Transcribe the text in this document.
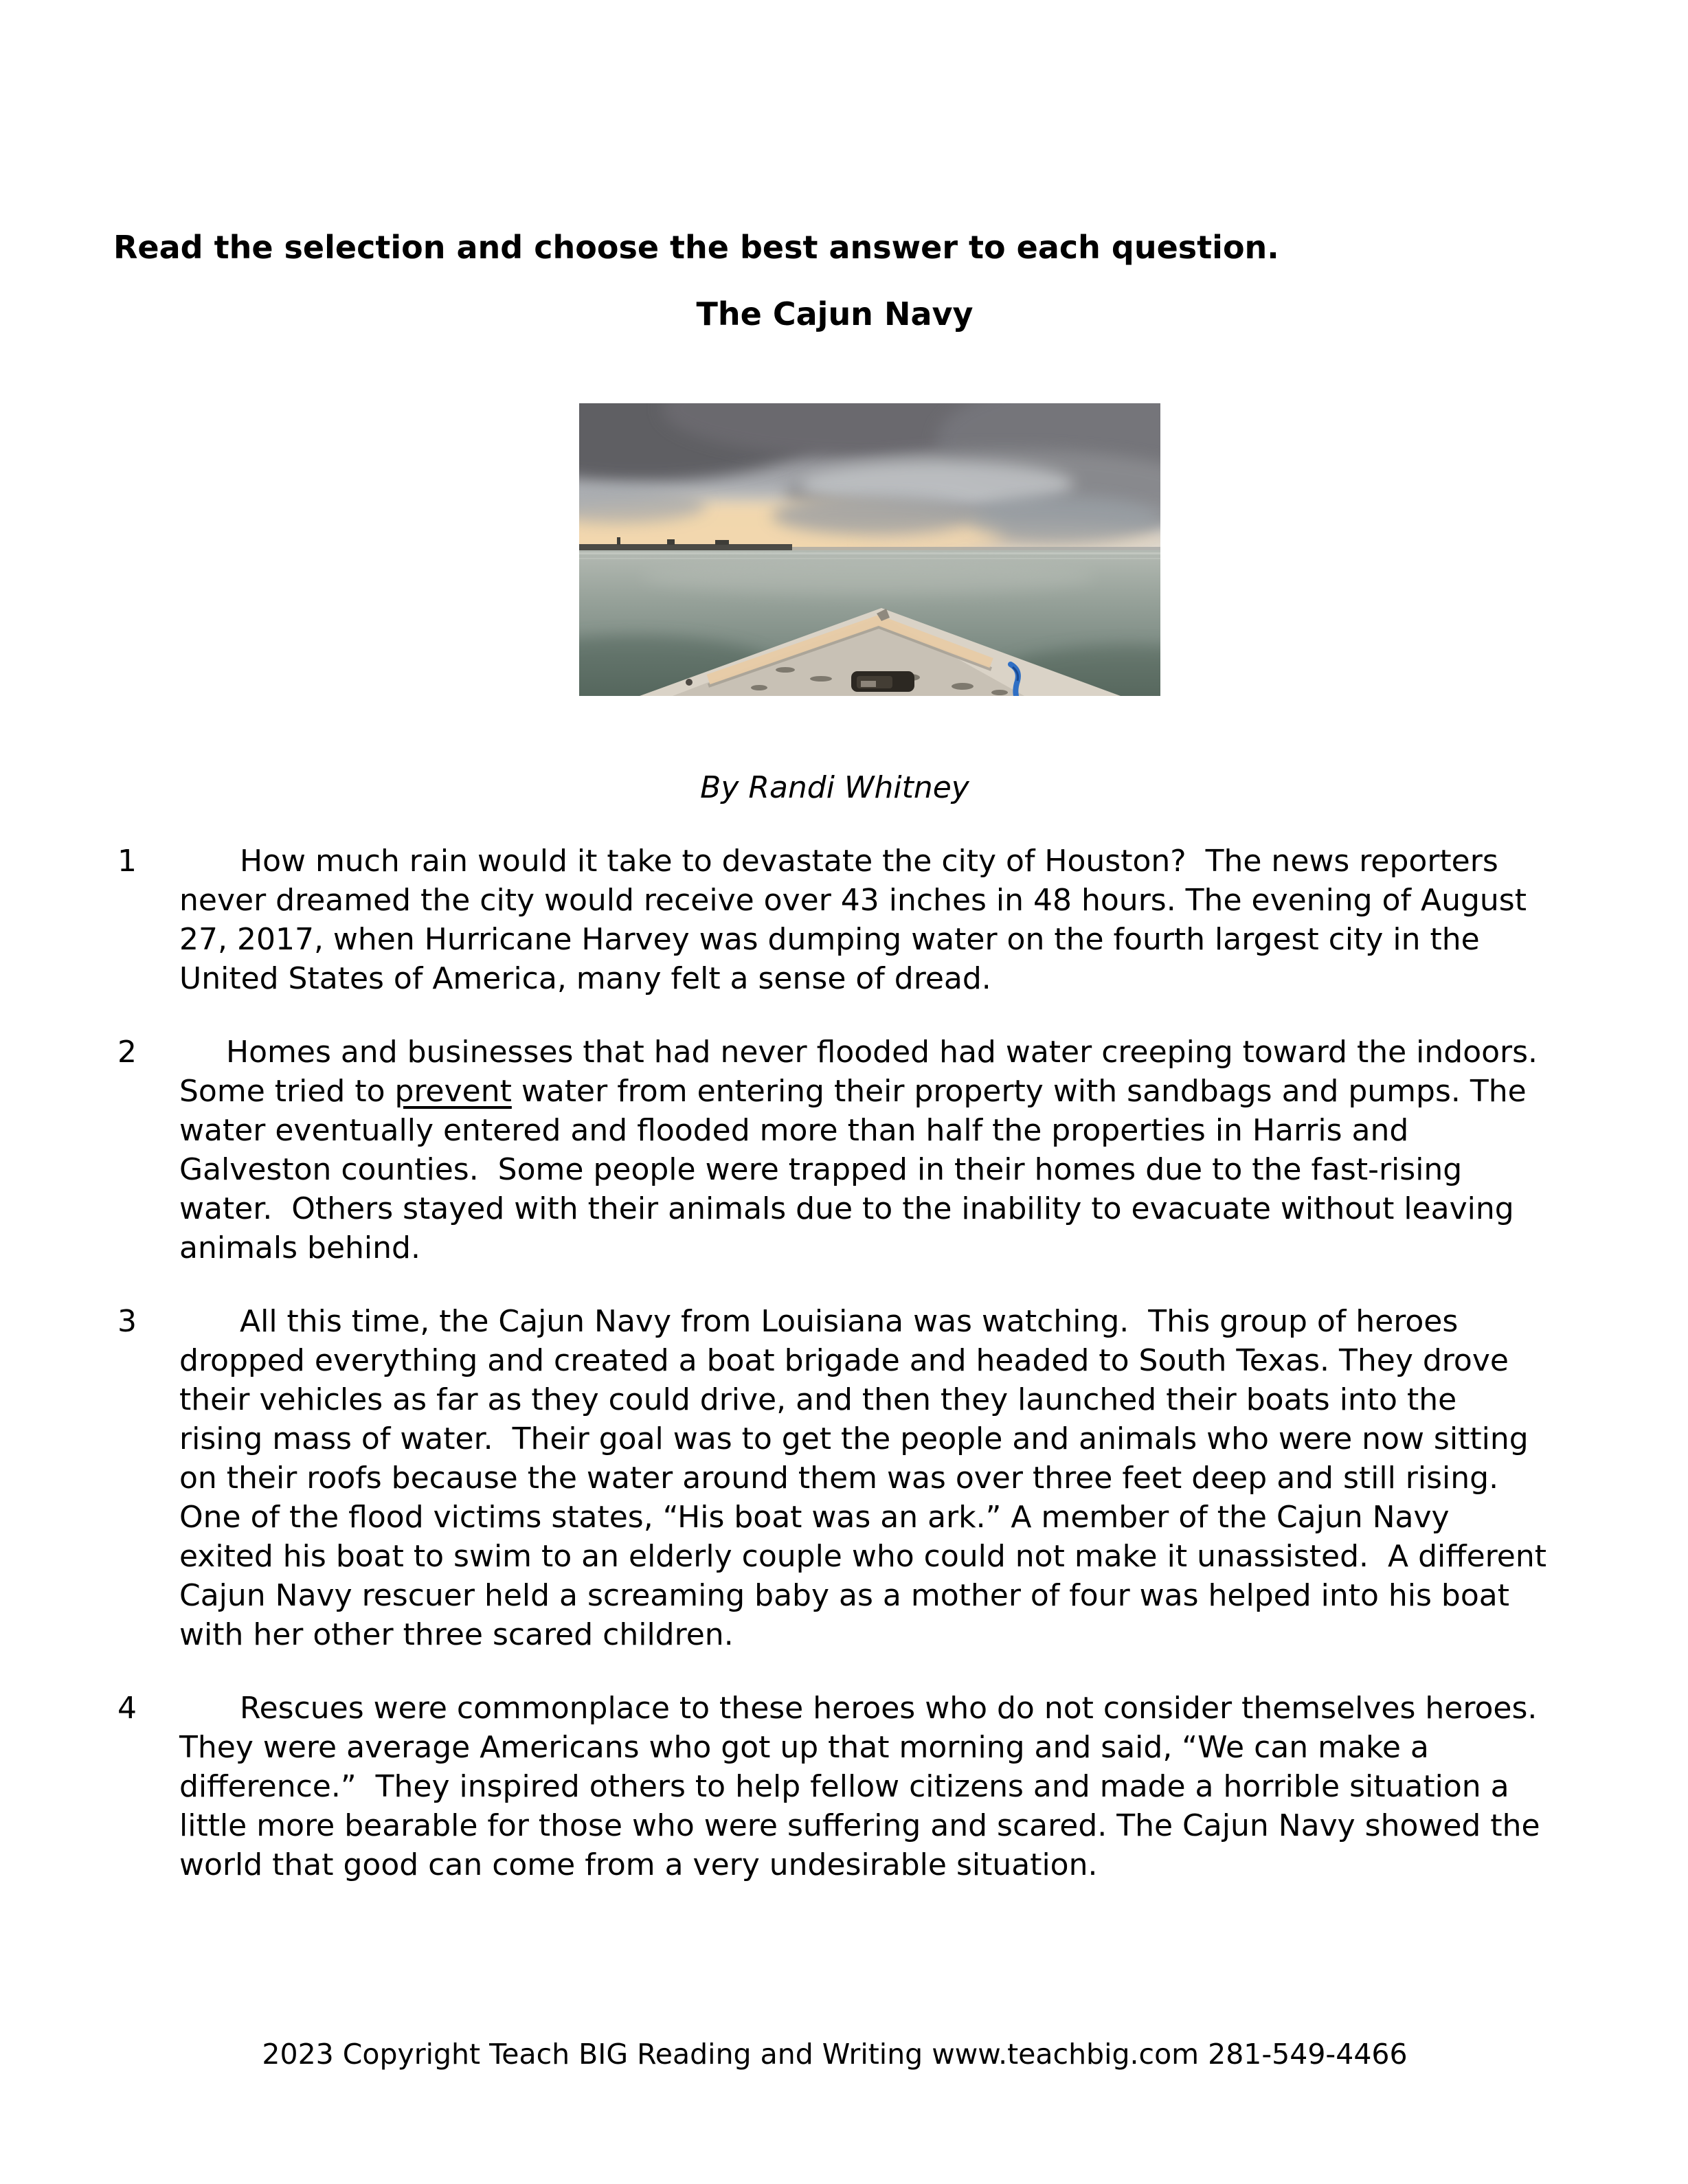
Read the selection and choose the best answer to each question.

The Cajun Navy

By Randi Whitney

1	How much rain would it take to devastate the city of Houston?  The news reporters never dreamed the city would receive over 43 inches in 48 hours. The evening of August 27, 2017, when Hurricane Harvey was dumping water on the fourth largest city in the United States of America, many felt a sense of dread.
2	Homes and businesses that had never flooded had water creeping toward the indoors.  Some tried to prevent water from entering their property with sandbags and pumps. The water eventually entered and flooded more than half the properties in Harris and Galveston counties.  Some people were trapped in their homes due to the fast-rising water.  Others stayed with their animals due to the inability to evacuate without leaving animals behind.
3	All this time, the Cajun Navy from Louisiana was watching.  This group of heroes dropped everything and created a boat brigade and headed to South Texas. They drove their vehicles as far as they could drive, and then they launched their boats into the rising mass of water.  Their goal was to get the people and animals who were now sitting on their roofs because the water around them was over three feet deep and still rising.  One of the flood victims states, “His boat was an ark.” A member of the Cajun Navy exited his boat to swim to an elderly couple who could not make it unassisted.  A different Cajun Navy rescuer held a screaming baby as a mother of four was helped into his boat with her other three scared children.
4	Rescues were commonplace to these heroes who do not consider themselves heroes.  They were average Americans who got up that morning and said, “We can make a difference.”  They inspired others to help fellow citizens and made a horrible situation a little more bearable for those who were suffering and scared. The Cajun Navy showed the world that good can come from a very undesirable situation.

2023 Copyright Teach BIG Reading and Writing www.teachbig.com 281-549-4466
